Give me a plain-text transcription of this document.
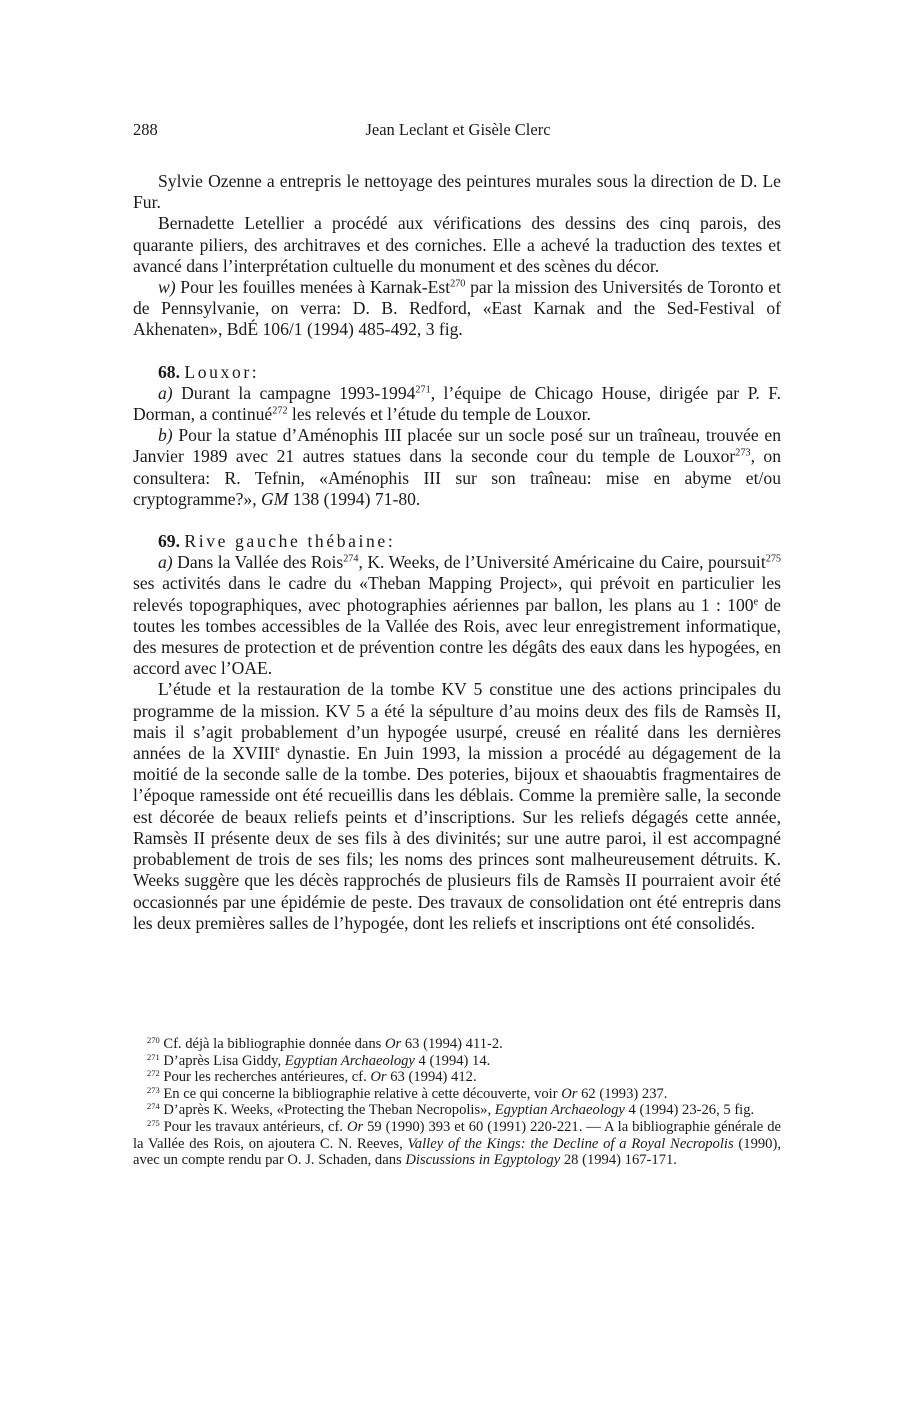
288	Jean Leclant et Gisèle Clerc

Sylvie Ozenne a entrepris le nettoyage des peintures murales sous la direction de D. Le Fur.

Bernadette Letellier a procédé aux vérifications des dessins des cinq parois, des quarante piliers, des architraves et des corniches. Elle a achevé la traduction des textes et avancé dans l’interprétation cultuelle du monument et des scènes du décor.

w) Pour les fouilles menées à Karnak-Est$^{270}$ par la mission des Universités de Toronto et de Pennsylvanie, on verra: D. B. Redford, «East Karnak and the Sed-Festival of Akhenaten», BdÉ 106/1 (1994) 485-492, 3 fig.

68. Louxor:

a) Durant la campagne 1993-1994$^{271}$, l’équipe de Chicago House, dirigée par P. F. Dorman, a continué$^{272}$ les relevés et l’étude du temple de Louxor.

b) Pour la statue d’Aménophis III placée sur un socle posé sur un traîneau, trouvée en Janvier 1989 avec 21 autres statues dans la seconde cour du temple de Louxor$^{273}$, on consultera: R. Tefnin, «Aménophis III sur son traîneau: mise en abyme et/ou cryptogramme?», GM 138 (1994) 71-80.

69. Rive gauche thébaine:

a) Dans la Vallée des Rois$^{274}$, K. Weeks, de l’Université Américaine du Caire, poursuit$^{275}$ ses activités dans le cadre du «Theban Mapping Project», qui prévoit en particulier les relevés topographiques, avec photographies aériennes par ballon, les plans au 1 : 100e de toutes les tombes accessibles de la Vallée des Rois, avec leur enregistrement informatique, des mesures de protection et de prévention contre les dégâts des eaux dans les hypogées, en accord avec l’OAE.

L’étude et la restauration de la tombe KV 5 constitue une des actions principales du programme de la mission. KV 5 a été la sépulture d’au moins deux des fils de Ramsès II, mais il s’agit probablement d’un hypogée usurpé, creusé en réalité dans les dernières années de la XVIIIe dynastie. En Juin 1993, la mission a procédé au dégagement de la moitié de la seconde salle de la tombe. Des poteries, bijoux et shaouabtis fragmentaires de l’époque ramesside ont été recueillis dans les déblais. Comme la première salle, la seconde est décorée de beaux reliefs peints et d’inscriptions. Sur les reliefs dégagés cette année, Ramsès II présente deux de ses fils à des divinités; sur une autre paroi, il est accompagné probablement de trois de ses fils; les noms des princes sont malheureusement détruits. K. Weeks suggère que les décès rapprochés de plusieurs fils de Ramsès II pourraient avoir été occasionnés par une épidémie de peste. Des travaux de consolidation ont été entrepris dans les deux premières salles de l’hypogée, dont les reliefs et inscriptions ont été consolidés.

$^{270}$ Cf. déjà la bibliographie donnée dans Or 63 (1994) 411-2.

$^{271}$ D’après Lisa Giddy, Egyptian Archaeology 4 (1994) 14.

$^{272}$ Pour les recherches antérieures, cf. Or 63 (1994) 412.

$^{273}$ En ce qui concerne la bibliographie relative à cette découverte, voir Or 62 (1993) 237.

$^{274}$ D’après K. Weeks, «Protecting the Theban Necropolis», Egyptian Archaeology 4 (1994) 23-26, 5 fig.

$^{275}$ Pour les travaux antérieurs, cf. Or 59 (1990) 393 et 60 (1991) 220-221. — A la bibliographie générale de la Vallée des Rois, on ajoutera C. N. Reeves, Valley of the Kings: the Decline of a Royal Necropolis (1990), avec un compte rendu par O. J. Schaden, dans Discussions in Egyptology 28 (1994) 167-171.
